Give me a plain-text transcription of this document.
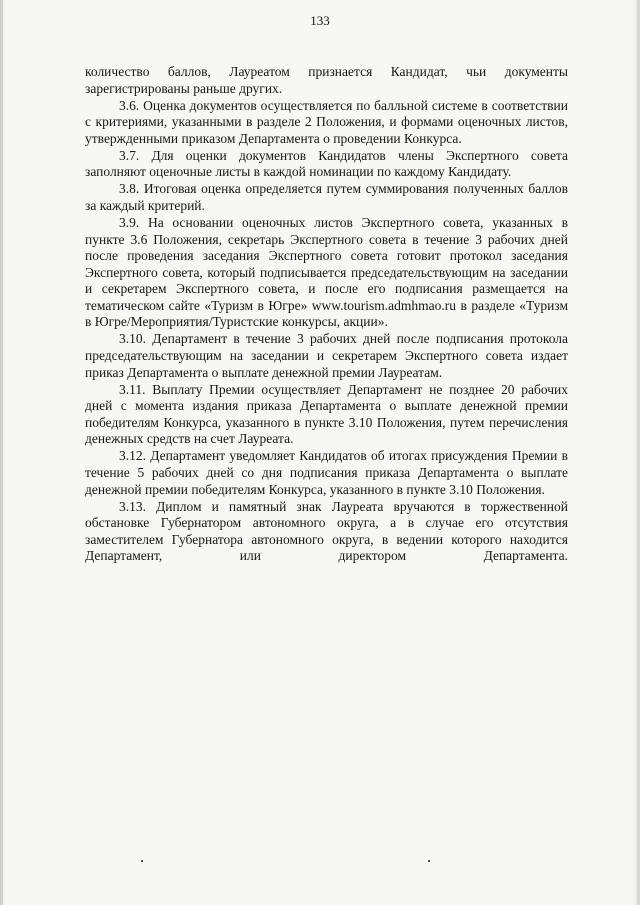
133

количество баллов, Лауреатом признается Кандидат, чьи документы зарегистрированы раньше других.

3.6. Оценка документов осуществляется по балльной системе в соответствии с критериями, указанными в разделе 2 Положения, и формами оценочных листов, утвержденными приказом Департамента о проведении Конкурса.

3.7. Для оценки документов Кандидатов члены Экспертного совета заполняют оценочные листы в каждой номинации по каждому Кандидату.

3.8. Итоговая оценка определяется путем суммирования полученных баллов за каждый критерий.

3.9. На основании оценочных листов Экспертного совета, указанных в пункте 3.6 Положения, секретарь Экспертного совета в течение 3 рабочих дней после проведения заседания Экспертного совета готовит протокол заседания Экспертного совета, который подписывается председательствующим на заседании и секретарем Экспертного совета, и после его подписания размещается на тематическом сайте «Туризм в Югре» www.tourism.admhmao.ru в разделе «Туризм в Югре/Мероприятия/Туристские конкурсы, акции».

3.10. Департамент в течение 3 рабочих дней после подписания протокола председательствующим на заседании и секретарем Экспертного совета издает приказ Департамента о выплате денежной премии Лауреатам.

3.11. Выплату Премии осуществляет Департамент не позднее 20 рабочих дней с момента издания приказа Департамента о выплате денежной премии победителям Конкурса, указанного в пункте 3.10 Положения, путем перечисления денежных средств на счет Лауреата.

3.12. Департамент уведомляет Кандидатов об итогах присуждения Премии в течение 5 рабочих дней со дня подписания приказа Департамента о выплате денежной премии победителям Конкурса, указанного в пункте 3.10 Положения.

3.13. Диплом и памятный знак Лауреата вручаются в торжественной обстановке Губернатором автономного округа, а в случае его отсутствия заместителем Губернатора автономного округа, в ведении которого находится Департамент, или директором Департамента.
